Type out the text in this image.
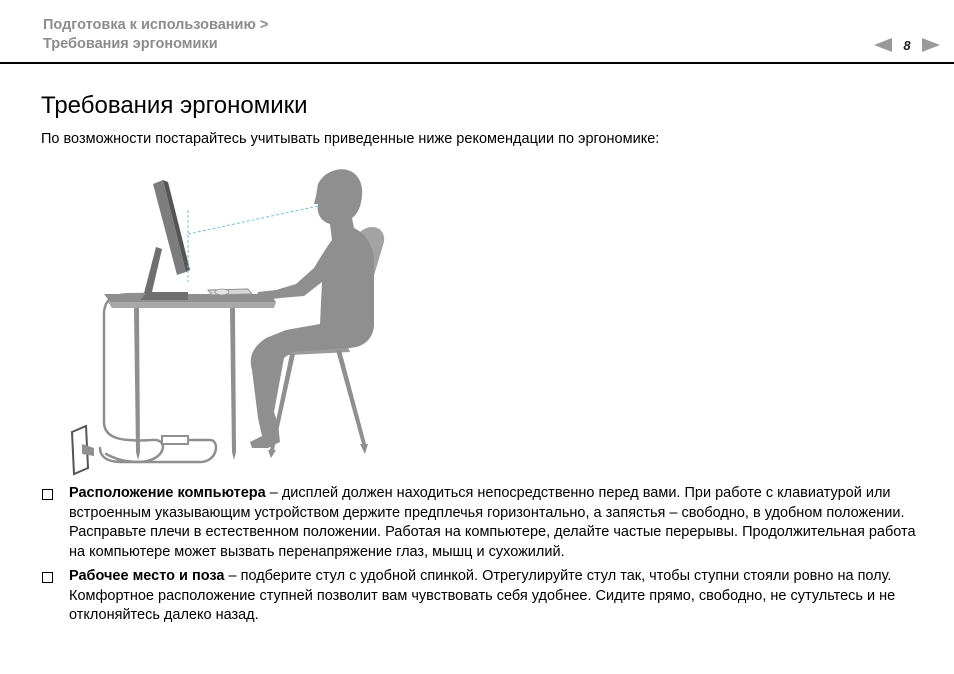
Подготовка к использованию >
Требования эргономики	8
Требования эргономики
По возможности постарайтесь учитывать приведенные ниже рекомендации по эргономике:
Расположение компьютера – дисплей должен находиться непосредственно перед вами. При работе с клавиатурой или встроенным указывающим устройством держите предплечья горизонтально, а запястья – свободно, в удобном положении. Расправьте плечи в естественном положении. Работая на компьютере, делайте частые перерывы. Продолжительная работа на компьютере может вызвать перенапряжение глаз, мышц и сухожилий.
Рабочее место и поза – подберите стул с удобной спинкой. Отрегулируйте стул так, чтобы ступни стояли ровно на полу. Комфортное расположение ступней позволит вам чувствовать себя удобнее. Сидите прямо, свободно, не сутультесь и не отклоняйтесь далеко назад.
